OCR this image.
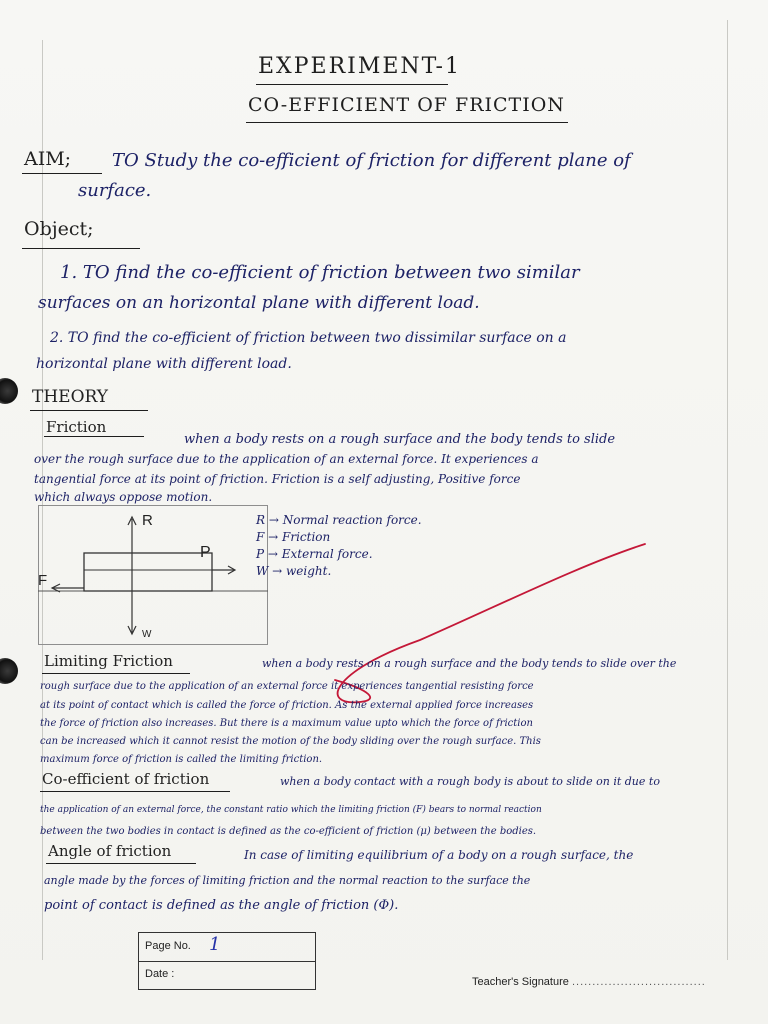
EXPERIMENT-1
CO-EFFICIENT OF FRICTION
AIM; TO Study the co-efficient of friction for different plane of
surface.
Object;
1. TO find the co-efficient of friction between two similar
surfaces on an horizontal plane with different load.
2. TO find the co-efficient of friction between two dissimilar surface on a
horizontal plane with different load.
THEORY
Friction
when a body rests on a rough surface and the body tends to slide
over the rough surface due to the application of an external force. It experiences a
tangential force at its point of friction. Friction is a self adjusting, Positive force
which always oppose motion.
R
P
F
W
R → Normal reaction force.
F → Friction
P → External force.
W → weight.
Limiting Friction	when a body rests on a rough surface and the body tends to slide over the
rough surface due to the application of an external force it experiences tangential resisting force
at its point of contact which is called the force of friction. As the external applied force increases
the force of friction also increases. But there is a maximum value upto which the force of friction
can be increased which it cannot resist the motion of the body sliding over the rough surface. This
maximum force of friction is called the limiting friction.
Co-efficient of friction	when a body contact with a rough body is about to slide on it due to
the application of an external force, the constant ratio which the limiting friction (F) bears to normal reaction
between the two bodies in contact is defined as the co-efficient of friction (μ) between the bodies.
Angle of friction	In case of limiting equilibrium of a body on a rough surface, the
angle made by the forces of limiting friction and the normal reaction to the surface the
point of contact is defined as the angle of friction (Φ).
Page No. 1
Date :
Teacher's Signature .................................
